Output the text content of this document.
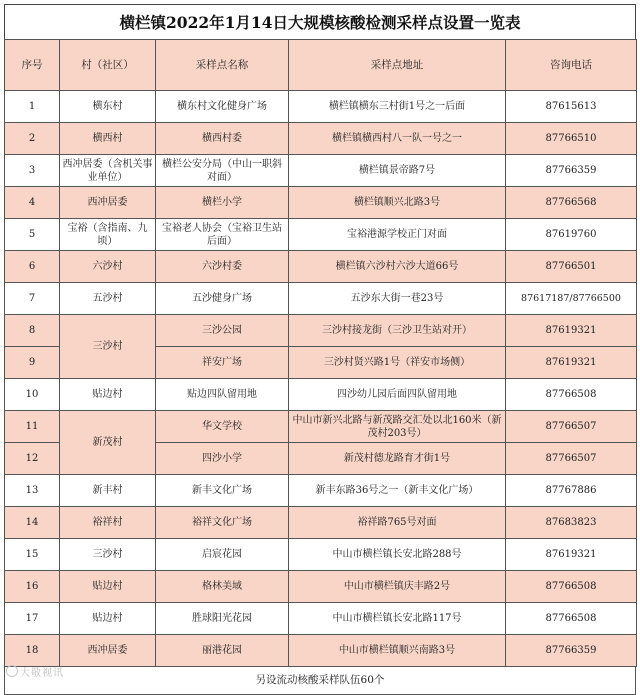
横栏镇2022年1月14日大规模核酸检测采样点设置一览表
序号	村（社区）	采样点名称	采样点地址	咨询电话
1	横东村	横东村文化健身广场	横栏镇横东三村街1号之一后面	87615613
2	横西村	横西村委	横栏镇横西村八一队一号之一	87766510
3	西冲居委（含机关事业单位）	横栏公安分局（中山一职斜对面）	横栏镇景帝路7号	87766359
4	西冲居委	横栏小学	横栏镇顺兴北路3号	87766568
5	宝裕（含指南、九顷）	宝裕老人协会（宝裕卫生站后面）	宝裕港源学校正门对面	87619760
6	六沙村	六沙村委	横栏镇六沙村六沙大道66号	87766501
7	五沙村	五沙健身广场	五沙东大街一巷23号	87617187/87766500
8	三沙村	三沙公园	三沙村接龙街（三沙卫生站对开）	87619321
9		祥安广场	三沙村贤兴路1号（祥安市场侧）	87619321
10	贴边村	贴边四队留用地	四沙幼儿园后面四队留用地	87766508
11	新茂村	华文学校	中山市新兴北路与新茂路交汇处以北160米（新茂村203号）	87766507
12		四沙小学	新茂村德龙路育才街1号	87766507
13	新丰村	新丰文化广场	新丰东路36号之一（新丰文化广场）	87767886
14	裕祥村	裕祥文化广场	裕祥路765号对面	87683823
15	三沙村	启宸花园	中山市横栏镇长安北路288号	87619321
16	贴边村	格林美域	中山市横栏镇庆丰路2号	87766508
17	贴边村	胜球阳光花园	中山市横栏镇长安北路117号	87766508
18	西冲居委	丽港花园	中山市横栏镇顺兴南路3号	87766359
另设流动核酸采样队伍60个
大敬视讯
